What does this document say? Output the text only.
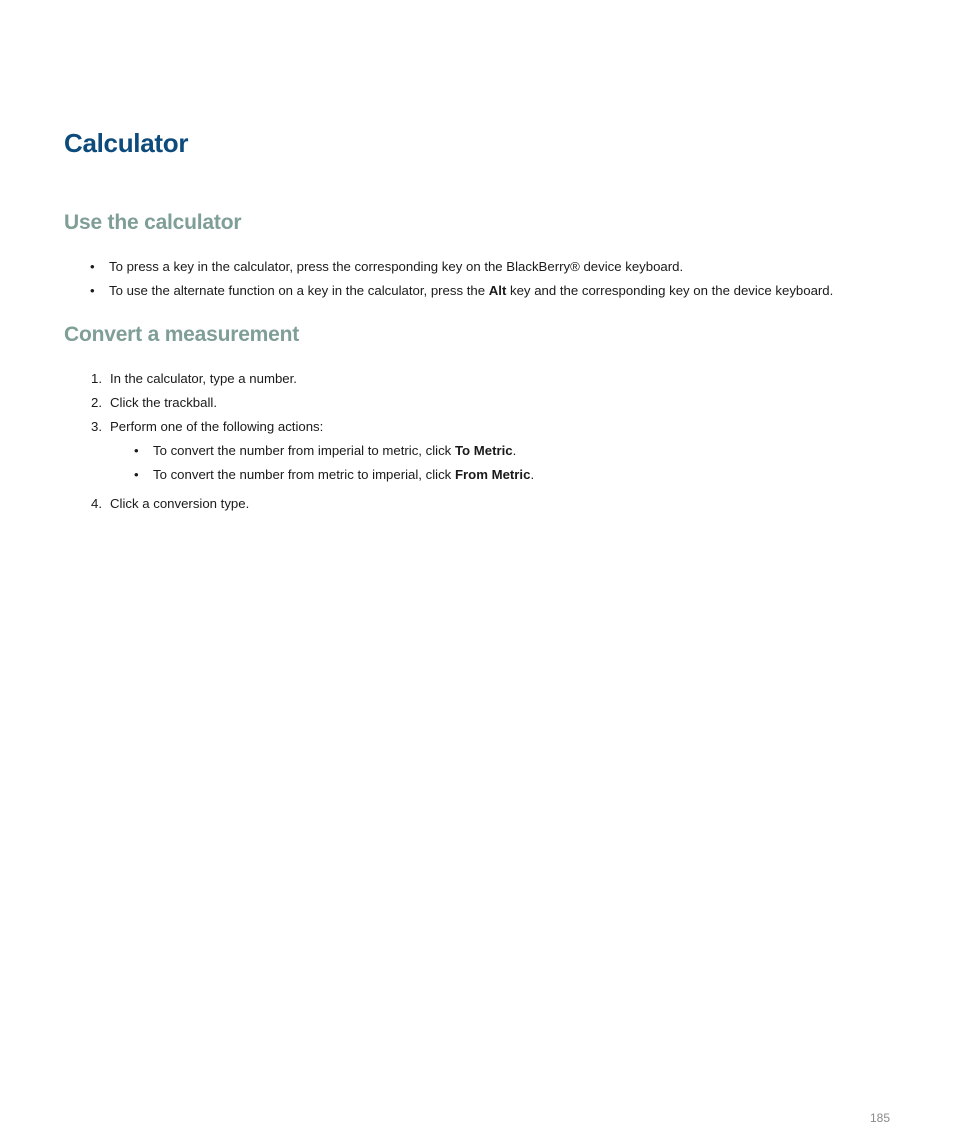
Calculator
Use the calculator
•	To press a key in the calculator, press the corresponding key on the BlackBerry® device keyboard.
•	To use the alternate function on a key in the calculator, press the Alt key and the corresponding key on the device keyboard.
Convert a measurement
1. In the calculator, type a number.
2. Click the trackball.
3. Perform one of the following actions:
•	To convert the number from imperial to metric, click To Metric.
•	To convert the number from metric to imperial, click From Metric.
4. Click a conversion type.
185
